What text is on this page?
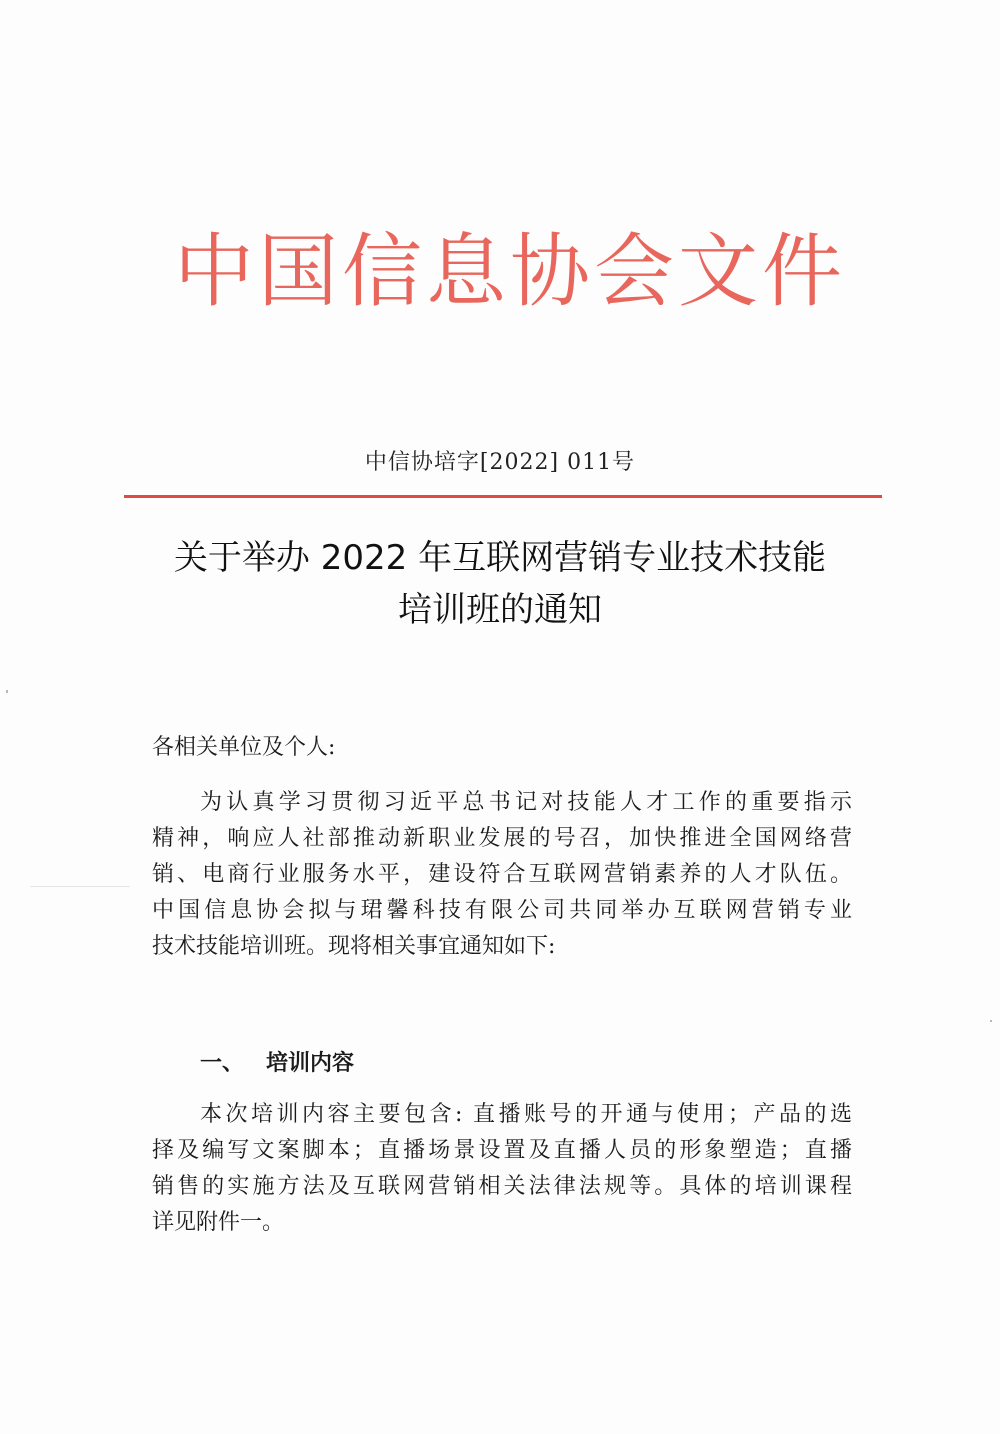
中国信息协会文件
中信协培字[2022] 011号
关于举办 2022 年互联网营销专业技术技能
培训班的通知
各相关单位及个人:
为认真学习贯彻习近平总书记对技能人才工作的重要指示
精神，响应人社部推动新职业发展的号召，加快推进全国网络营
销、电商行业服务水平，建设符合互联网营销素养的人才队伍。
中国信息协会拟与珺馨科技有限公司共同举办互联网营销专业
技术技能培训班。现将相关事宜通知如下:
一、 培训内容
本次培训内容主要包含: 直播账号的开通与使用；产品的选
择及编写文案脚本；直播场景设置及直播人员的形象塑造；直播
销售的实施方法及互联网营销相关法律法规等。具体的培训课程
详见附件一。
